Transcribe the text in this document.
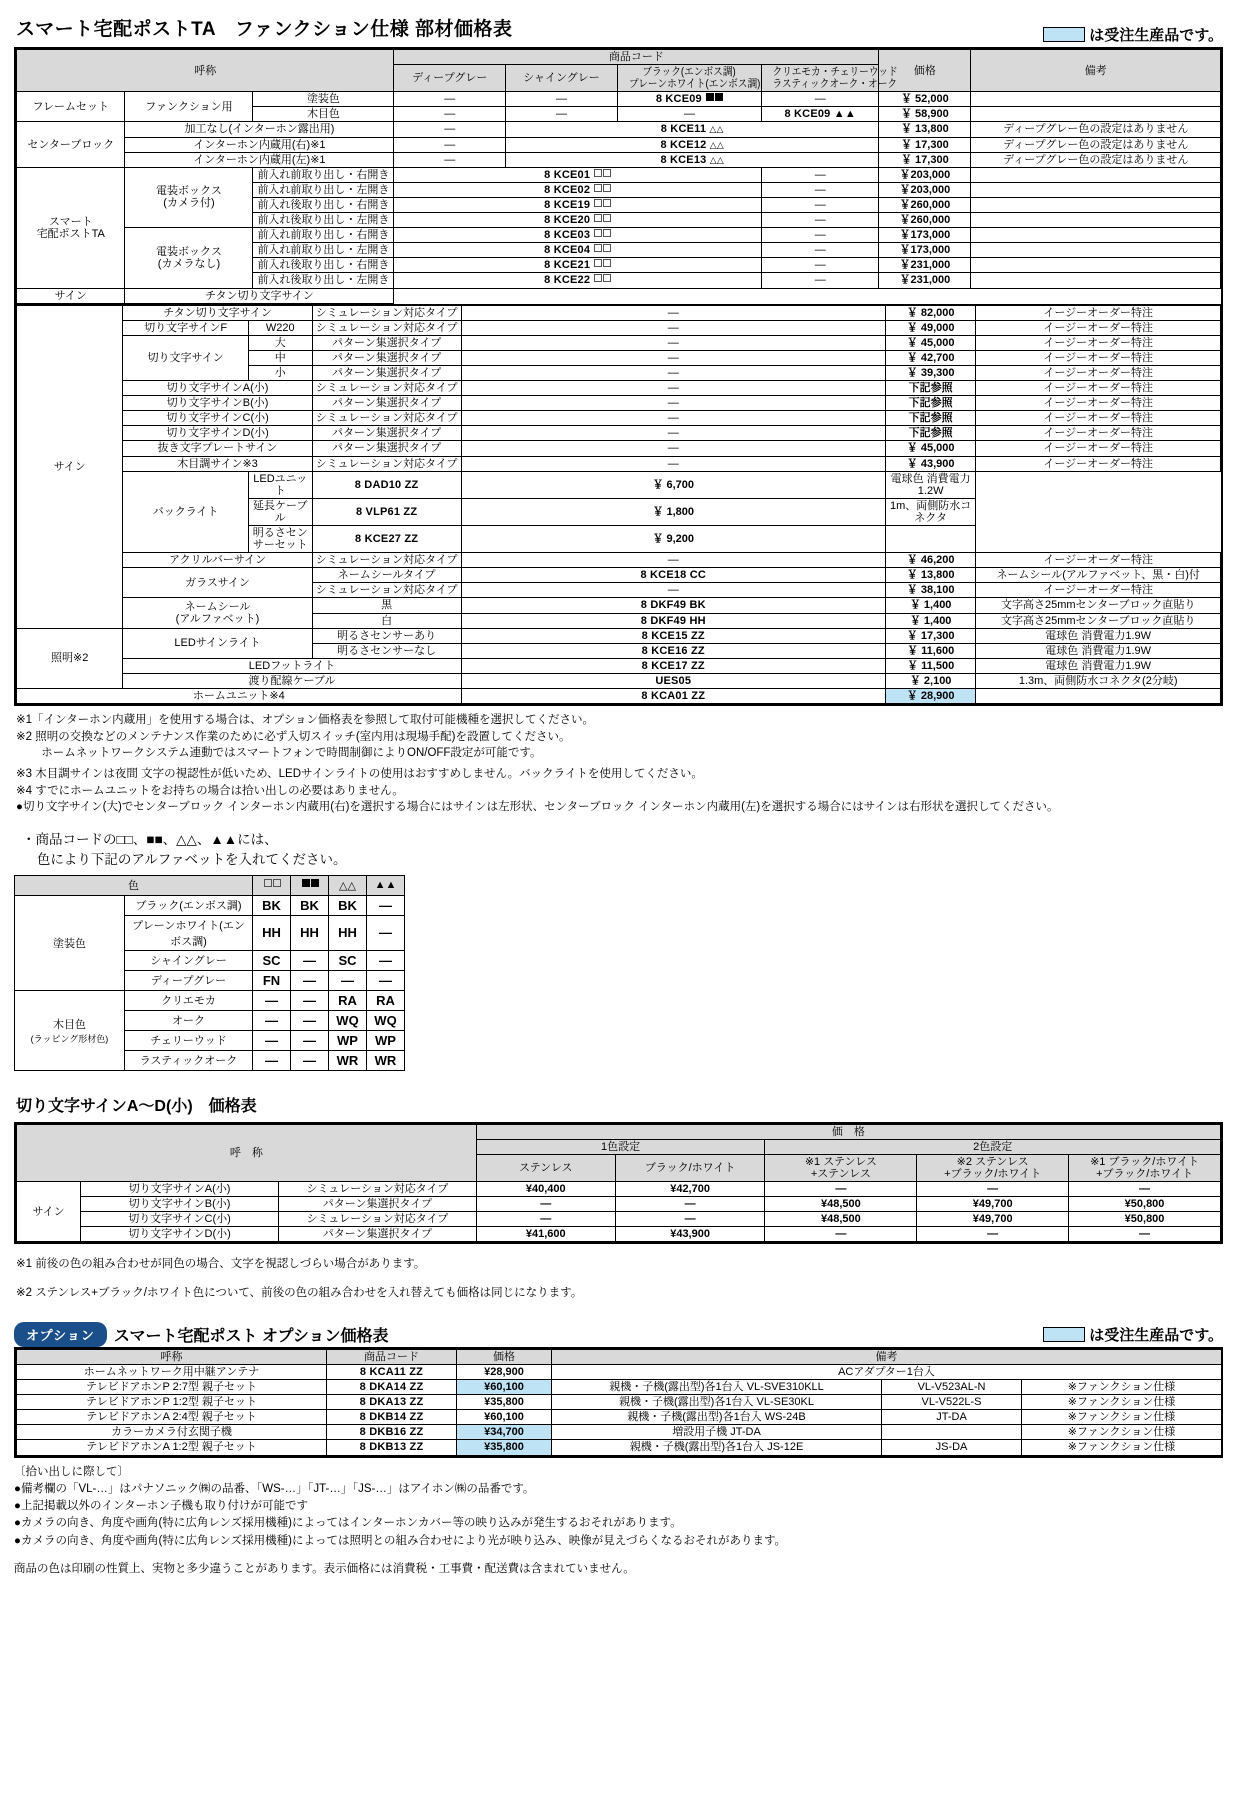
スマート宅配ポストTA　ファンクション仕様 部材価格表	は受注生産品です。
呼称			商品コード				価格	備考
			ディープグレー	シャイングレー	ブラック(エンボス調)
プレーンホワイト(エンボス調)	クリエモカ・チェリーウッド
ラスティックオーク・オーク		
フレームセット	ファンクション用	塗装色	—	—	8 KCE09	—	￥ 52,000	
		木目色	—	—	—	8 KCE09 ▲▲	￥ 58,900	
センターブロック	加工なし(インターホン露出用)		—	8 KCE11 △△			￥ 13,800	ディープグレー色の設定はありません
	インターホン内蔵用(右)※1		—	8 KCE12 △△			￥ 17,300	ディープグレー色の設定はありません
	インターホン内蔵用(左)※1		—	8 KCE13 △△			￥ 17,300	ディープグレー色の設定はありません
スマート
宅配ポストTA	電装ボックス
(カメラ付)	前入れ前取り出し・右開き	8 KCE01			—	￥203,000	
		前入れ前取り出し・左開き	8 KCE02			—	￥203,000	
		前入れ後取り出し・右開き	8 KCE19			—	￥260,000	
		前入れ後取り出し・左開き	8 KCE20			—	￥260,000	
	電装ボックス
(カメラなし)	前入れ前取り出し・右開き	8 KCE03			—	￥173,000	
		前入れ前取り出し・左開き	8 KCE04			—	￥173,000	
		前入れ後取り出し・右開き	8 KCE21			—	￥231,000	
		前入れ後取り出し・左開き	8 KCE22			—	￥231,000	
サイン	チタン切り文字サイン						
サイン	チタン切り文字サイン		シミュレーション対応タイプ	—	￥ 82,000	イージーオーダー特注
	切り文字サインF	W220	シミュレーション対応タイプ	—	￥ 49,000	イージーオーダー特注
	切り文字サイン	大	パターン集選択タイプ	—	￥ 45,000	イージーオーダー特注
		中	パターン集選択タイプ	—	￥ 42,700	イージーオーダー特注
		小	パターン集選択タイプ	—	￥ 39,300	イージーオーダー特注
	切り文字サインA(小)		シミュレーション対応タイプ	—	下記参照	イージーオーダー特注
	切り文字サインB(小)		パターン集選択タイプ	—	下記参照	イージーオーダー特注
	切り文字サインC(小)		シミュレーション対応タイプ	—	下記参照	イージーオーダー特注
	切り文字サインD(小)		パターン集選択タイプ	—	下記参照	イージーオーダー特注
	抜き文字プレートサイン		パターン集選択タイプ	—	￥ 45,000	イージーオーダー特注
	木目調サイン※3		シミュレーション対応タイプ	—	￥ 43,900	イージーオーダー特注
	バックライト	LEDユニット	8 DAD10 ZZ	￥ 6,700	電球色 消費電力1.2W	
		延長ケーブル	8 VLP61 ZZ	￥ 1,800	1m、両側防水コネクタ	
		明るさセンサーセット	8 KCE27 ZZ	￥ 9,200		
	アクリルバーサイン		シミュレーション対応タイプ	—	￥ 46,200	イージーオーダー特注
	ガラスサイン		ネームシールタイプ	8 KCE18 CC	￥ 13,800	ネームシール(アルファベット、黒・白)付
			シミュレーション対応タイプ	—	￥ 38,100	イージーオーダー特注
	ネームシール
(アルファベット)		黒	8 DKF49 BK	￥ 1,400	文字高さ25mmセンターブロック直貼り
			白	8 DKF49 HH	￥ 1,400	文字高さ25mmセンターブロック直貼り
照明※2	LEDサインライト		明るさセンサーあり	8 KCE15 ZZ	￥ 17,300	電球色 消費電力1.9W
			明るさセンサーなし	8 KCE16 ZZ	￥ 11,600	電球色 消費電力1.9W
	LEDフットライト			8 KCE17 ZZ	￥ 11,500	電球色 消費電力1.9W
	渡り配線ケーブル			UES05	￥ 2,100	1.3m、両側防水コネクタ(2分岐)
ホームユニット※4				8 KCA01 ZZ	￥ 28,900	

※1「インターホン内蔵用」を使用する場合は、オプション価格表を参照して取付可能機種を選択してください。

※2 照明の交換などのメンテナンス作業のために必ず入切スイッチ(室内用は現場手配)を設置してください。

ホームネットワークシステム連動ではスマートフォンで時間制御によりON/OFF設定が可能です。

※3 木目調サインは夜間 文字の視認性が低いため、LEDサインライトの使用はおすすめしません。バックライトを使用してください。

※4 すでにホームユニットをお持ちの場合は拾い出しの必要はありません。

●切り文字サイン(大)でセンターブロック インターホン内蔵用(右)を選択する場合にはサインは左形状、センターブロック インターホン内蔵用(左)を選択する場合にはサインは右形状を選択してください。

・商品コードの□□、■■、△△、▲▲には、
色により下記のアルファベットを入れてください。
色				△△	▲▲
塗装色	ブラック(エンボス調)	BK	BK	BK	—
	プレーンホワイト(エンボス調)	HH	HH	HH	—
	シャイングレー	SC	—	SC	—
	ディープグレー	FN	—	—	—
木目色
(ラッピング形材色)	クリエモカ	—	—	RA	RA
	オーク	—	—	WQ	WQ
	チェリーウッド	—	—	WP	WP
	ラスティックオーク	—	—	WR	WR
切り文字サインA～D(小)　価格表
呼　称			価　格				
			1色設定		2色設定		
			ステンレス	ブラック/ホワイト	※1 ステンレス
+ステンレス	※2 ステンレス
+ブラック/ホワイト	※1 ブラック/ホワイト
+ブラック/ホワイト
サイン	切り文字サインA(小)	シミュレーション対応タイプ	¥40,400	¥42,700	—	—	—
	切り文字サインB(小)	パターン集選択タイプ	—	—	¥48,500	¥49,700	¥50,800
	切り文字サインC(小)	シミュレーション対応タイプ	—	—	¥48,500	¥49,700	¥50,800
	切り文字サインD(小)	パターン集選択タイプ	¥41,600	¥43,900	—	—	—

※1 前後の色の組み合わせが同色の場合、文字を視認しづらい場合があります。

※2 ステンレス+ブラック/ホワイト色について、前後の色の組み合わせを入れ替えても価格は同じになります。

オプション	スマート宅配ポスト オプション価格表	は受注生産品です。
呼称	商品コード	価格	備考		
ホームネットワーク用中継アンテナ	8 KCA11 ZZ	¥28,900	ACアダプター1台入		
テレビドアホンP 2:7型 親子セット	8 DKA14 ZZ	¥60,100	親機・子機(露出型)各1台入 VL-SVE310KLL	VL-V523AL-N	※ファンクション仕様
テレビドアホンP 1:2型 親子セット	8 DKA13 ZZ	¥35,800	親機・子機(露出型)各1台入 VL-SE30KL	VL-V522L-S	※ファンクション仕様
テレビドアホンA 2:4型 親子セット	8 DKB14 ZZ	¥60,100	親機・子機(露出型)各1台入 WS-24B	JT-DA	※ファンクション仕様
カラーカメラ付玄関子機	8 DKB16 ZZ	¥34,700	増設用子機 JT-DA		※ファンクション仕様
テレビドアホンA 1:2型 親子セット	8 DKB13 ZZ	¥35,800	親機・子機(露出型)各1台入 JS-12E	JS-DA	※ファンクション仕様

〔拾い出しに際して〕

●備考欄の「VL-…」はパナソニック㈱の品番、「WS-…」「JT-…」「JS-…」はアイホン㈱の品番です。

●上記掲載以外のインターホン子機も取り付けが可能です

●カメラの向き、角度や画角(特に広角レンズ採用機種)によってはインターホンカバー等の映り込みが発生するおそれがあります。

●カメラの向き、角度や画角(特に広角レンズ採用機種)によっては照明との組み合わせにより光が映り込み、映像が見えづらくなるおそれがあります。

商品の色は印刷の性質上、実物と多少違うことがあります。表示価格には消費税・工事費・配送費は含まれていません。
